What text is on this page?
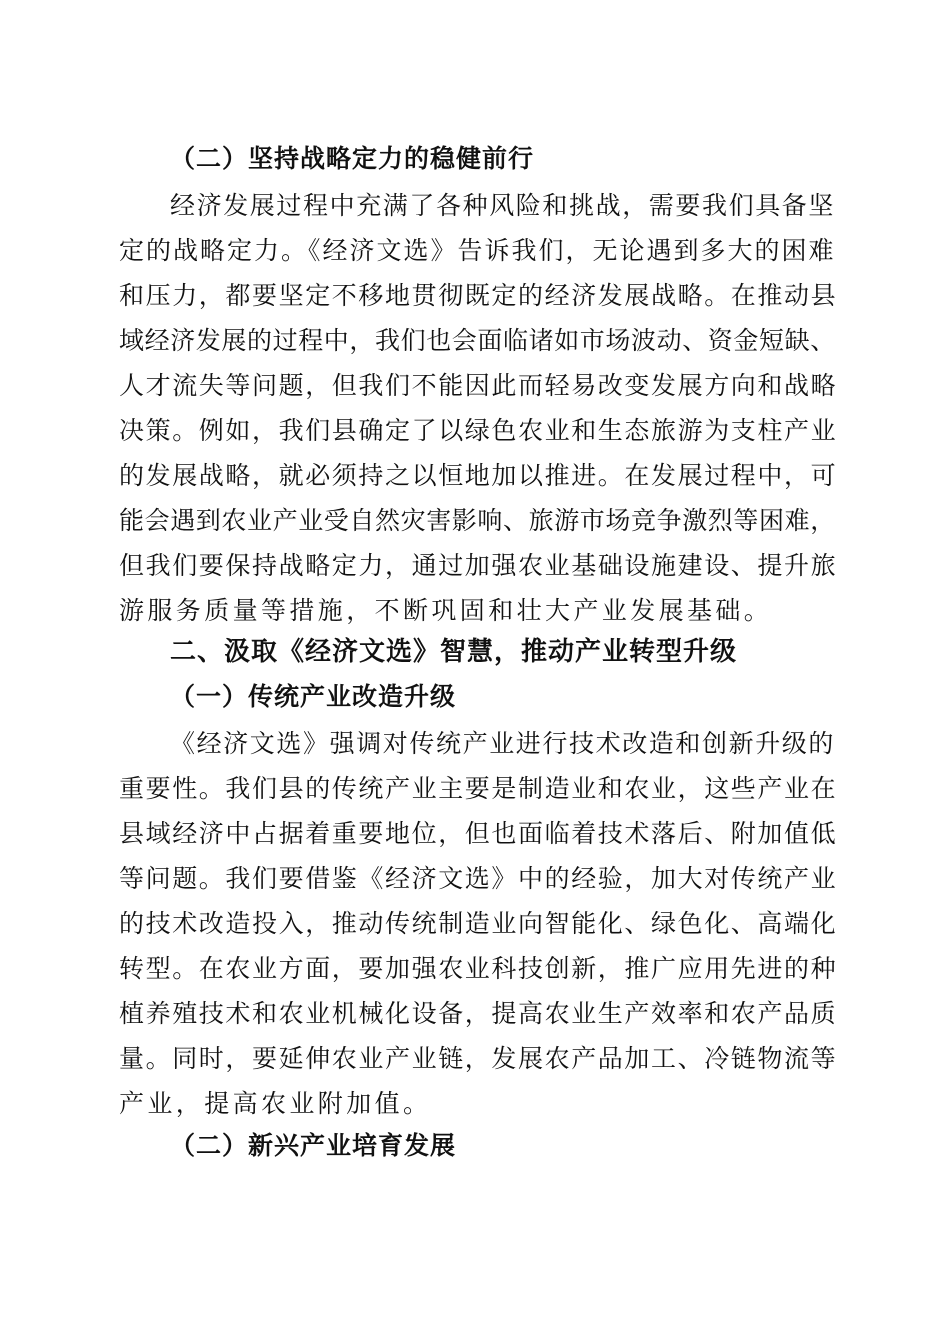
（二）坚持战略定力的稳健前行
经济发展过程中充满了各种风险和挑战，需要我们具备坚
定的战略定力。《经济文选》告诉我们，无论遇到多大的困难
和压力，都要坚定不移地贯彻既定的经济发展战略。在推动县
域经济发展的过程中，我们也会面临诸如市场波动、资金短缺、
人才流失等问题，但我们不能因此而轻易改变发展方向和战略
决策。例如，我们县确定了以绿色农业和生态旅游为支柱产业
的发展战略，就必须持之以恒地加以推进。在发展过程中，可
能会遇到农业产业受自然灾害影响、旅游市场竞争激烈等困难，
但我们要保持战略定力，通过加强农业基础设施建设、提升旅
游服务质量等措施，不断巩固和壮大产业发展基础。
二、汲取《经济文选》智慧，推动产业转型升级
（一）传统产业改造升级
《经济文选》强调对传统产业进行技术改造和创新升级的
重要性。我们县的传统产业主要是制造业和农业，这些产业在
县域经济中占据着重要地位，但也面临着技术落后、附加值低
等问题。我们要借鉴《经济文选》中的经验，加大对传统产业
的技术改造投入，推动传统制造业向智能化、绿色化、高端化
转型。在农业方面，要加强农业科技创新，推广应用先进的种
植养殖技术和农业机械化设备，提高农业生产效率和农产品质
量。同时，要延伸农业产业链，发展农产品加工、冷链物流等
产业，提高农业附加值。
（二）新兴产业培育发展
